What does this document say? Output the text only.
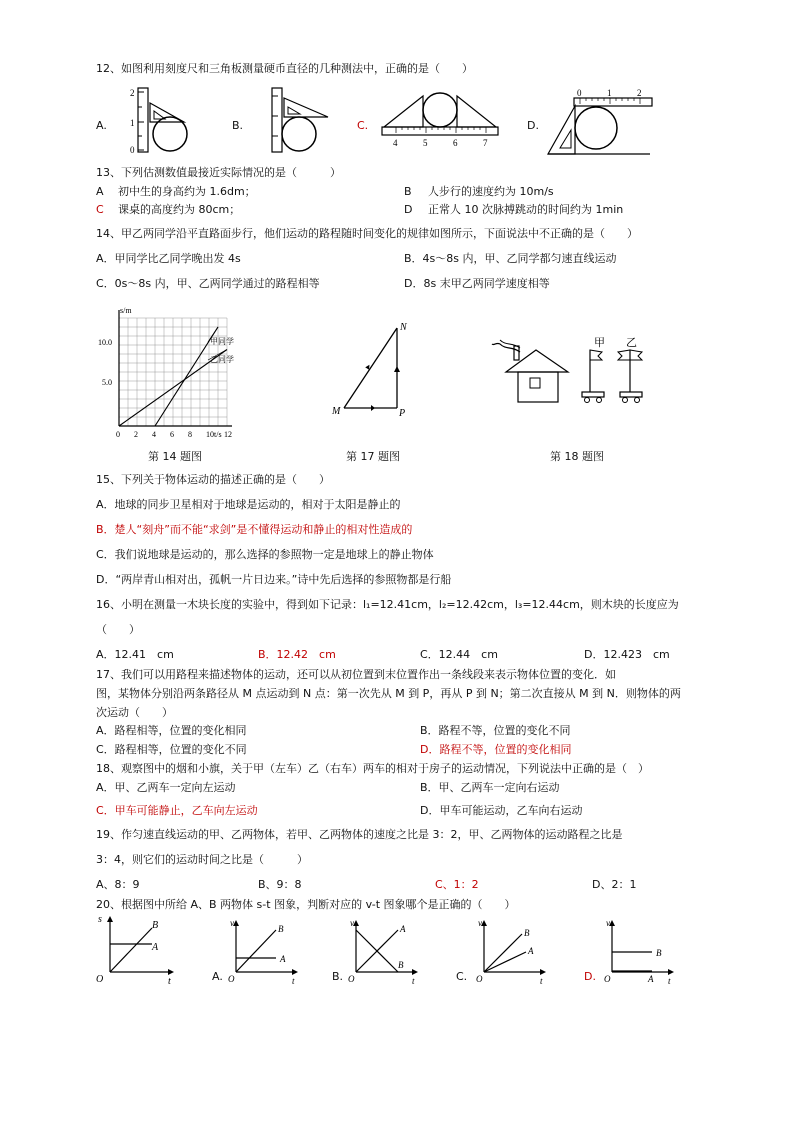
12、如图利用刻度尺和三角板测量硬币直径的几种测法中，正确的是（　　）
A.
2
1
0
B.	C.
4	5	6	7
D.
0	1	2
13、下列估测数值最接近实际情况的是（　　　）
A 初中生的身高约为 1.6dm；	B 人步行的速度约为 10m/s
C 课桌的高度约为 80cm；	D 正常人 10 次脉搏跳动的时间约为 1min
14、甲乙两同学沿平直路面步行，他们运动的路程随时间变化的规律如图所示，下面说法中不正确的是（　　）
A．甲同学比乙同学晚出发 4s	B．4s～8s 内，甲、乙同学都匀速直线运动
C．0s～8s 内，甲、乙两同学通过的路程相等	D．8s 末甲乙两同学速度相等
s/m
t/s
10.0
5.0
0 2 4 6 8 10 12
甲同学
乙同学
第 14 题图
M	P
N
第 17 题图
甲 乙
第 18 题图
15、下列关于物体运动的描述正确的是（　　）
A．地球的同步卫星相对于地球是运动的，相对于太阳是静止的
B．楚人“刻舟”而不能“求剑”是不懂得运动和静止的相对性造成的
C．我们说地球是运动的，那么选择的参照物一定是地球上的静止物体
D．“两岸青山相对出，孤帆一片日边来。”诗中先后选择的参照物都是行船
16、小明在测量一木块长度的实验中，得到如下记录：l₁=12.41cm，l₂=12.42cm，l₃=12.44cm，则木块的长度应为
（　　）
A．12.41　cm	B．12.42　cm	C．12.44　cm	D．12.423　cm
17、我们可以用路程来描述物体的运动，还可以从初位置到末位置作出一条线段来表示物体位置的变化．如
图，某物体分别沿两条路径从 M 点运动到 N 点：第一次先从 M 到 P，再从 P 到 N；第二次直接从 M 到 N．则物体的两
次运动（　　）
A．路程相等，位置的变化相同	B．路程不等，位置的变化不同
C．路程相等，位置的变化不同	D．路程不等，位置的变化相同
18、观察图中的烟和小旗，关于甲（左车）乙（右车）两车的相对于房子的运动情况，下列说法中正确的是（　）
A．甲、乙两车一定向左运动	B．甲、乙两车一定向右运动
C．甲车可能静止，乙车向左运动	D．甲车可能运动，乙车向右运动
19、作匀速直线运动的甲、乙两物体，若甲、乙两物体的速度之比是 3：2，甲、乙两物体的运动路程之比是
3：4，则它们的运动时间之比是（　　　）
A、8：9	B、9：8	C、1：2	D、2：1
20、根据图中所给 A、B 两物体 s-t 图象，判断对应的 v-t 图象哪个是正确的（　　）
s
t
O
B
A
A.
v
t
O
B
A
B.
v
t
O
A
B
C.
v
t
O
B
A
D.
v
t
O
B
A
